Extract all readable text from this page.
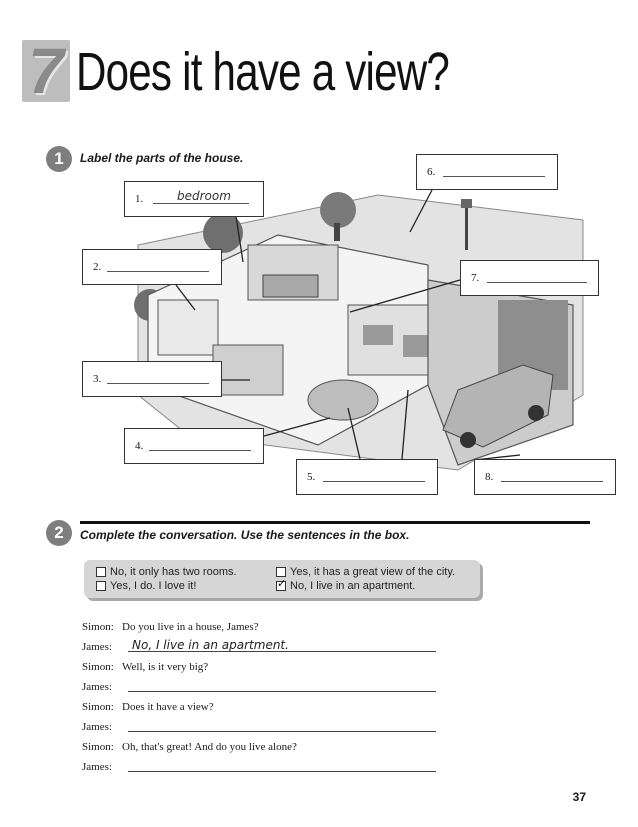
7 Does it have a view?
1	Label the parts of the house.
1.	bedroom
2.
3.
4.
5.
6.
7.
8.
2	Complete the conversation. Use the sentences in the box.
No, it only has two rooms.	Yes, it has a great view of the city.
Yes, I do. I love it!
✓	No, I live in an apartment.
Simon: Do you live in a house, James?
James: No, I live in an apartment.
Simon: Well, is it very big?
James:
Simon: Does it have a view?
James:
Simon: Oh, that's great! And do you live alone?
James:
37
